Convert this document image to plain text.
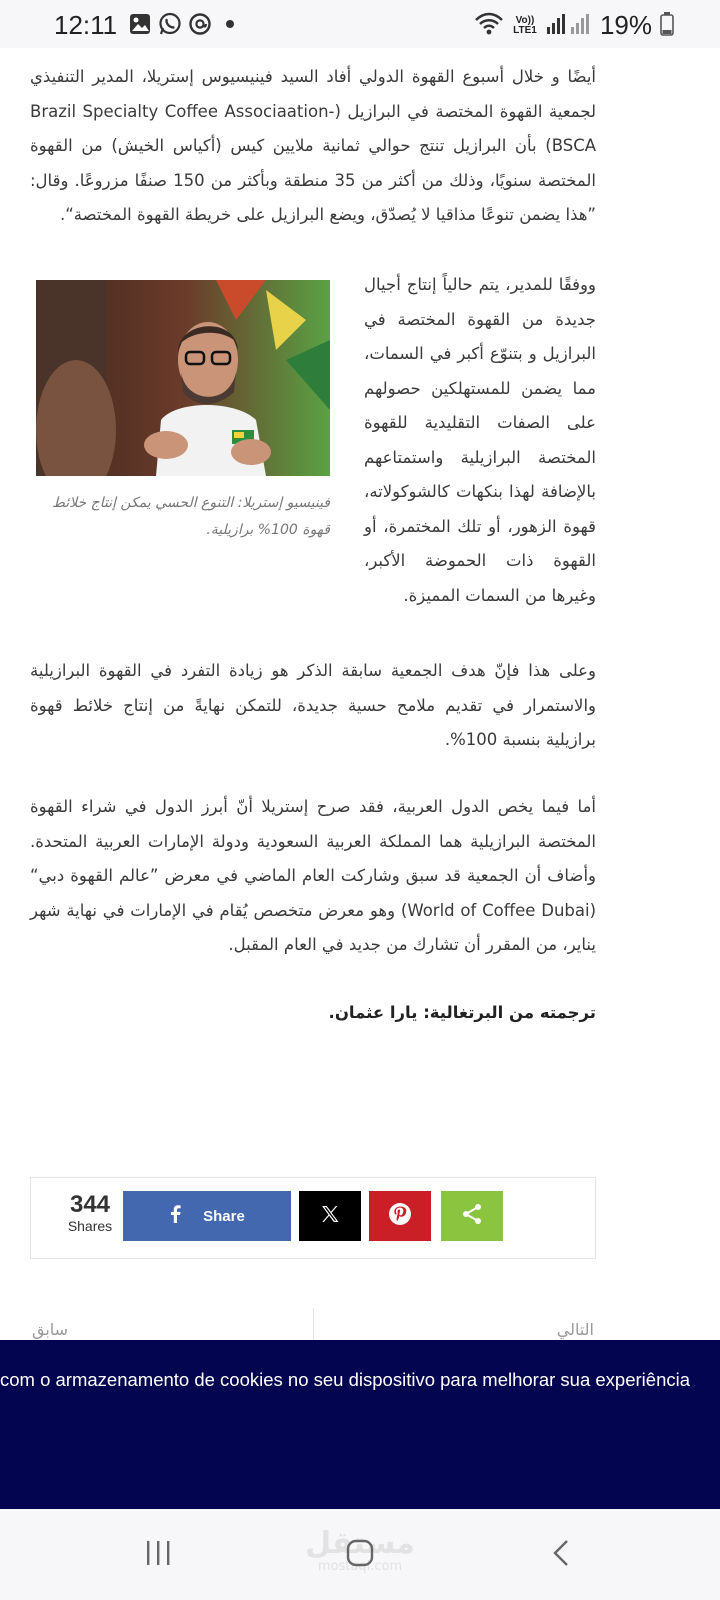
12:11	Vo)) LTE1 19%

أيضًا و خلال أسبوع القهوة الدولي أفاد السيد فينيسيوس إستريلا، المدير التنفيذي لجمعية القهوة المختصة في البرازيل (Brazil Specialty Coffee Associaation- BSCA) بأن البرازيل تنتج حوالي ثمانية ملايين كيس (أكياس الخيش) من القهوة المختصة سنويًا، وذلك من أكثر من 35 منطقة وبأكثر من 150 صنفًا مزروعًا. وقال: ”هذا يضمن تنوعًا مذاقيا لا يُصدّق، ويضع البرازيل على خريطة القهوة المختصة“.

فينيسيو إستريلا: التنوع الحسي يمكن إنتاج خلائط قهوة 100% برازيلية.

ووفقًا للمدير، يتم حالياً إنتاج أجيال جديدة من القهوة المختصة في البرازيل و بتنوّع أكبر في السمات، مما يضمن للمستهلكين حصولهم على الصفات التقليدية للقهوة المختصة البرازيلية واستمتاعهم بالإضافة لهذا بنكهات كالشوكولاته، قهوة الزهور، أو تلك المختمرة، أو القهوة ذات الحموضة الأكبر، وغيرها من السمات المميزة.

وعلى هذا فإنّ هدف الجمعية سابقة الذكر هو زيادة التفرد في القهوة البرازيلية والاستمرار في تقديم ملامح حسية جديدة، للتمكن نهايةً من إنتاج خلائط قهوة برازيلية بنسبة 100%.

أما فيما يخص الدول العربية، فقد صرح إستريلا أنّ أبرز الدول في شراء القهوة المختصة البرازيلية هما المملكة العربية السعودية ودولة الإمارات العربية المتحدة. وأضاف أن الجمعية قد سبق وشاركت العام الماضي في معرض ”عالم القهوة دبي“ (World of Coffee Dubai) وهو معرض متخصص يُقام في الإمارات في نهاية شهر يناير، من المقرر أن تشارك من جديد في العام المقبل.

ترجمته من البرتغالية: يارا عثمان.

344
Shares
Share
التالي
سابق
com o armazenamento de cookies no seu dispositivo para melhorar sua experiência
مستقل
mostaql.com
